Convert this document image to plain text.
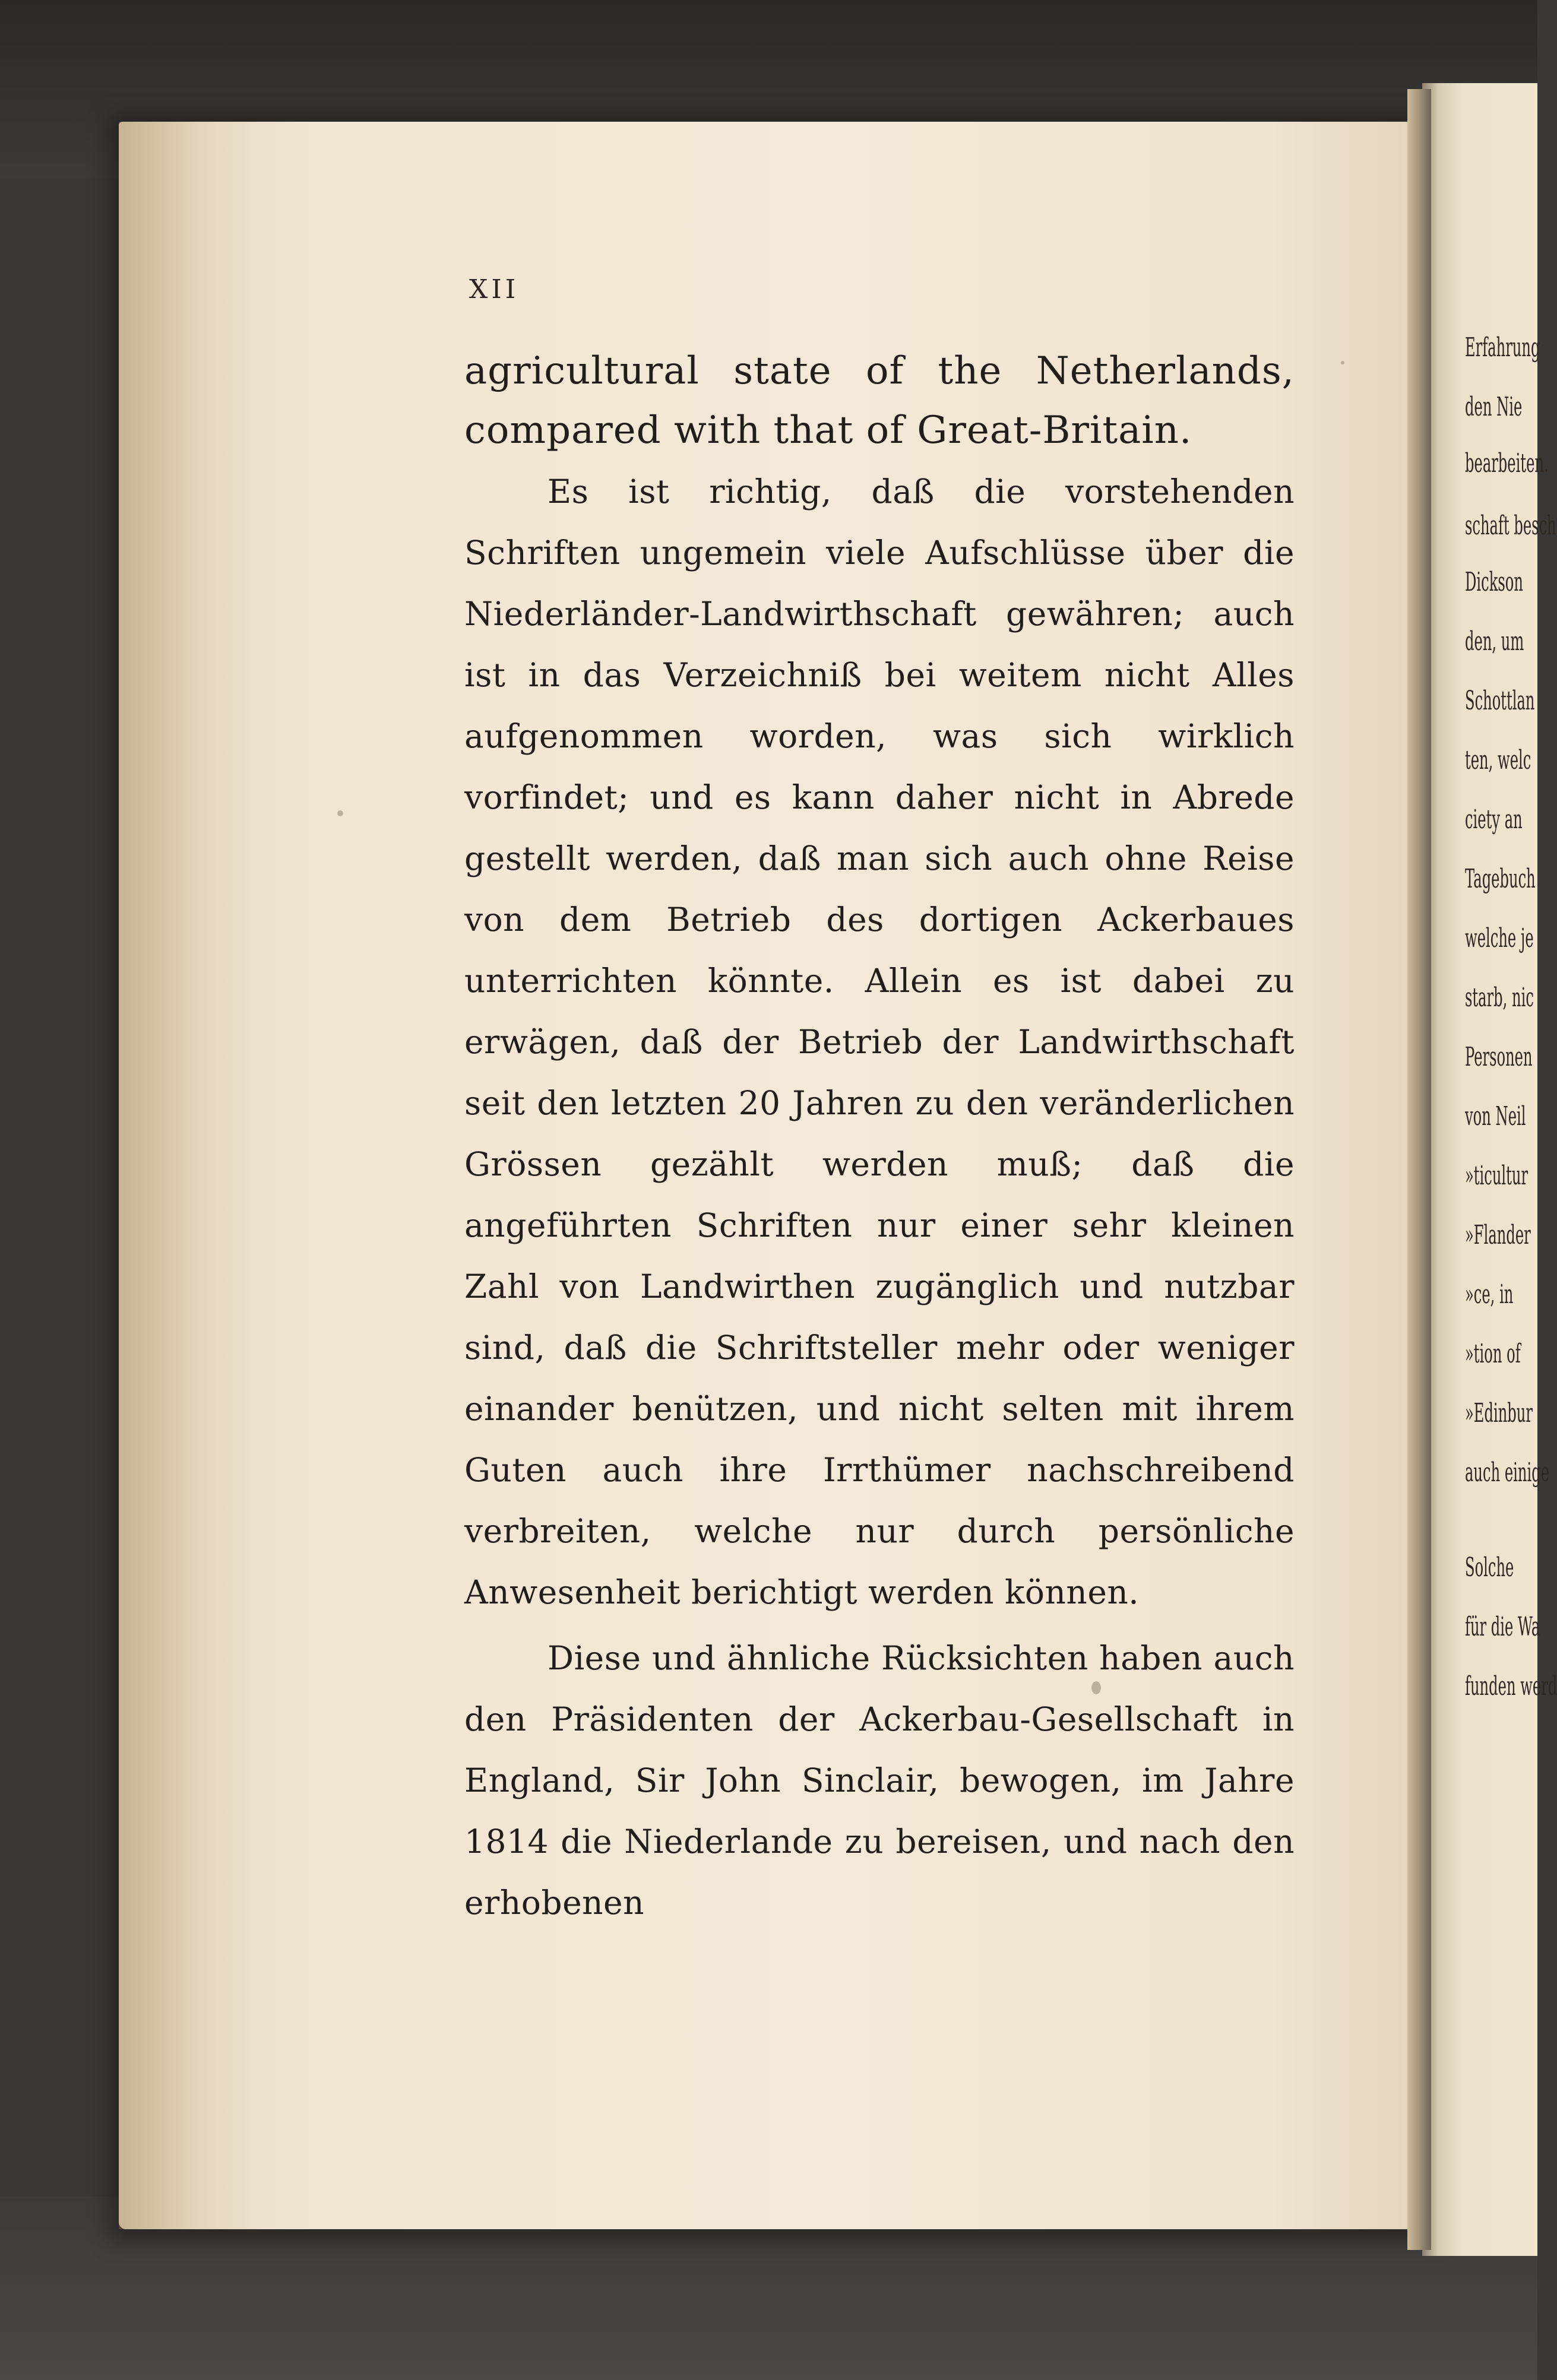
Erfahrung
den Nie
bearbeiten.
schaft besch
Dickson
den, um
Schottlan
ten, welc
ciety an
Tagebuch
welche je
starb, nic
Personen
von Neil
»ticultur
»Flander
»ce, in
»tion of
»Edinbur
auch einige
Solche
für die Wa
funden werd

XII

agricultural state of the Netherlands, compared with that of Great-Britain.

Es ist richtig, daß die vorstehenden Schriften ungemein viele Aufschlüsse über die Niederländer-Landwirthschaft gewähren; auch ist in das Verzeichniß bei weitem nicht Alles aufgenommen worden, was sich wirklich vorfindet; und es kann daher nicht in Abrede gestellt werden, daß man sich auch ohne Reise von dem Betrieb des dortigen Ackerbaues unterrichten könnte. Allein es ist dabei zu erwägen, daß der Betrieb der Landwirthschaft seit den letzten 20 Jahren zu den veränderlichen Grössen gezählt werden muß; daß die angeführten Schriften nur einer sehr kleinen Zahl von Landwirthen zugänglich und nutzbar sind, daß die Schriftsteller mehr oder weniger einander benützen, und nicht selten mit ihrem Guten auch ihre Irrthümer nachschreibend verbreiten, welche nur durch persönliche Anwesenheit berichtigt werden können.

Diese und ähnliche Rücksichten haben auch den Präsidenten der Ackerbau-Gesellschaft in England, Sir John Sinclair, bewogen, im Jahre 1814 die Niederlande zu bereisen, und nach den erhobenen
